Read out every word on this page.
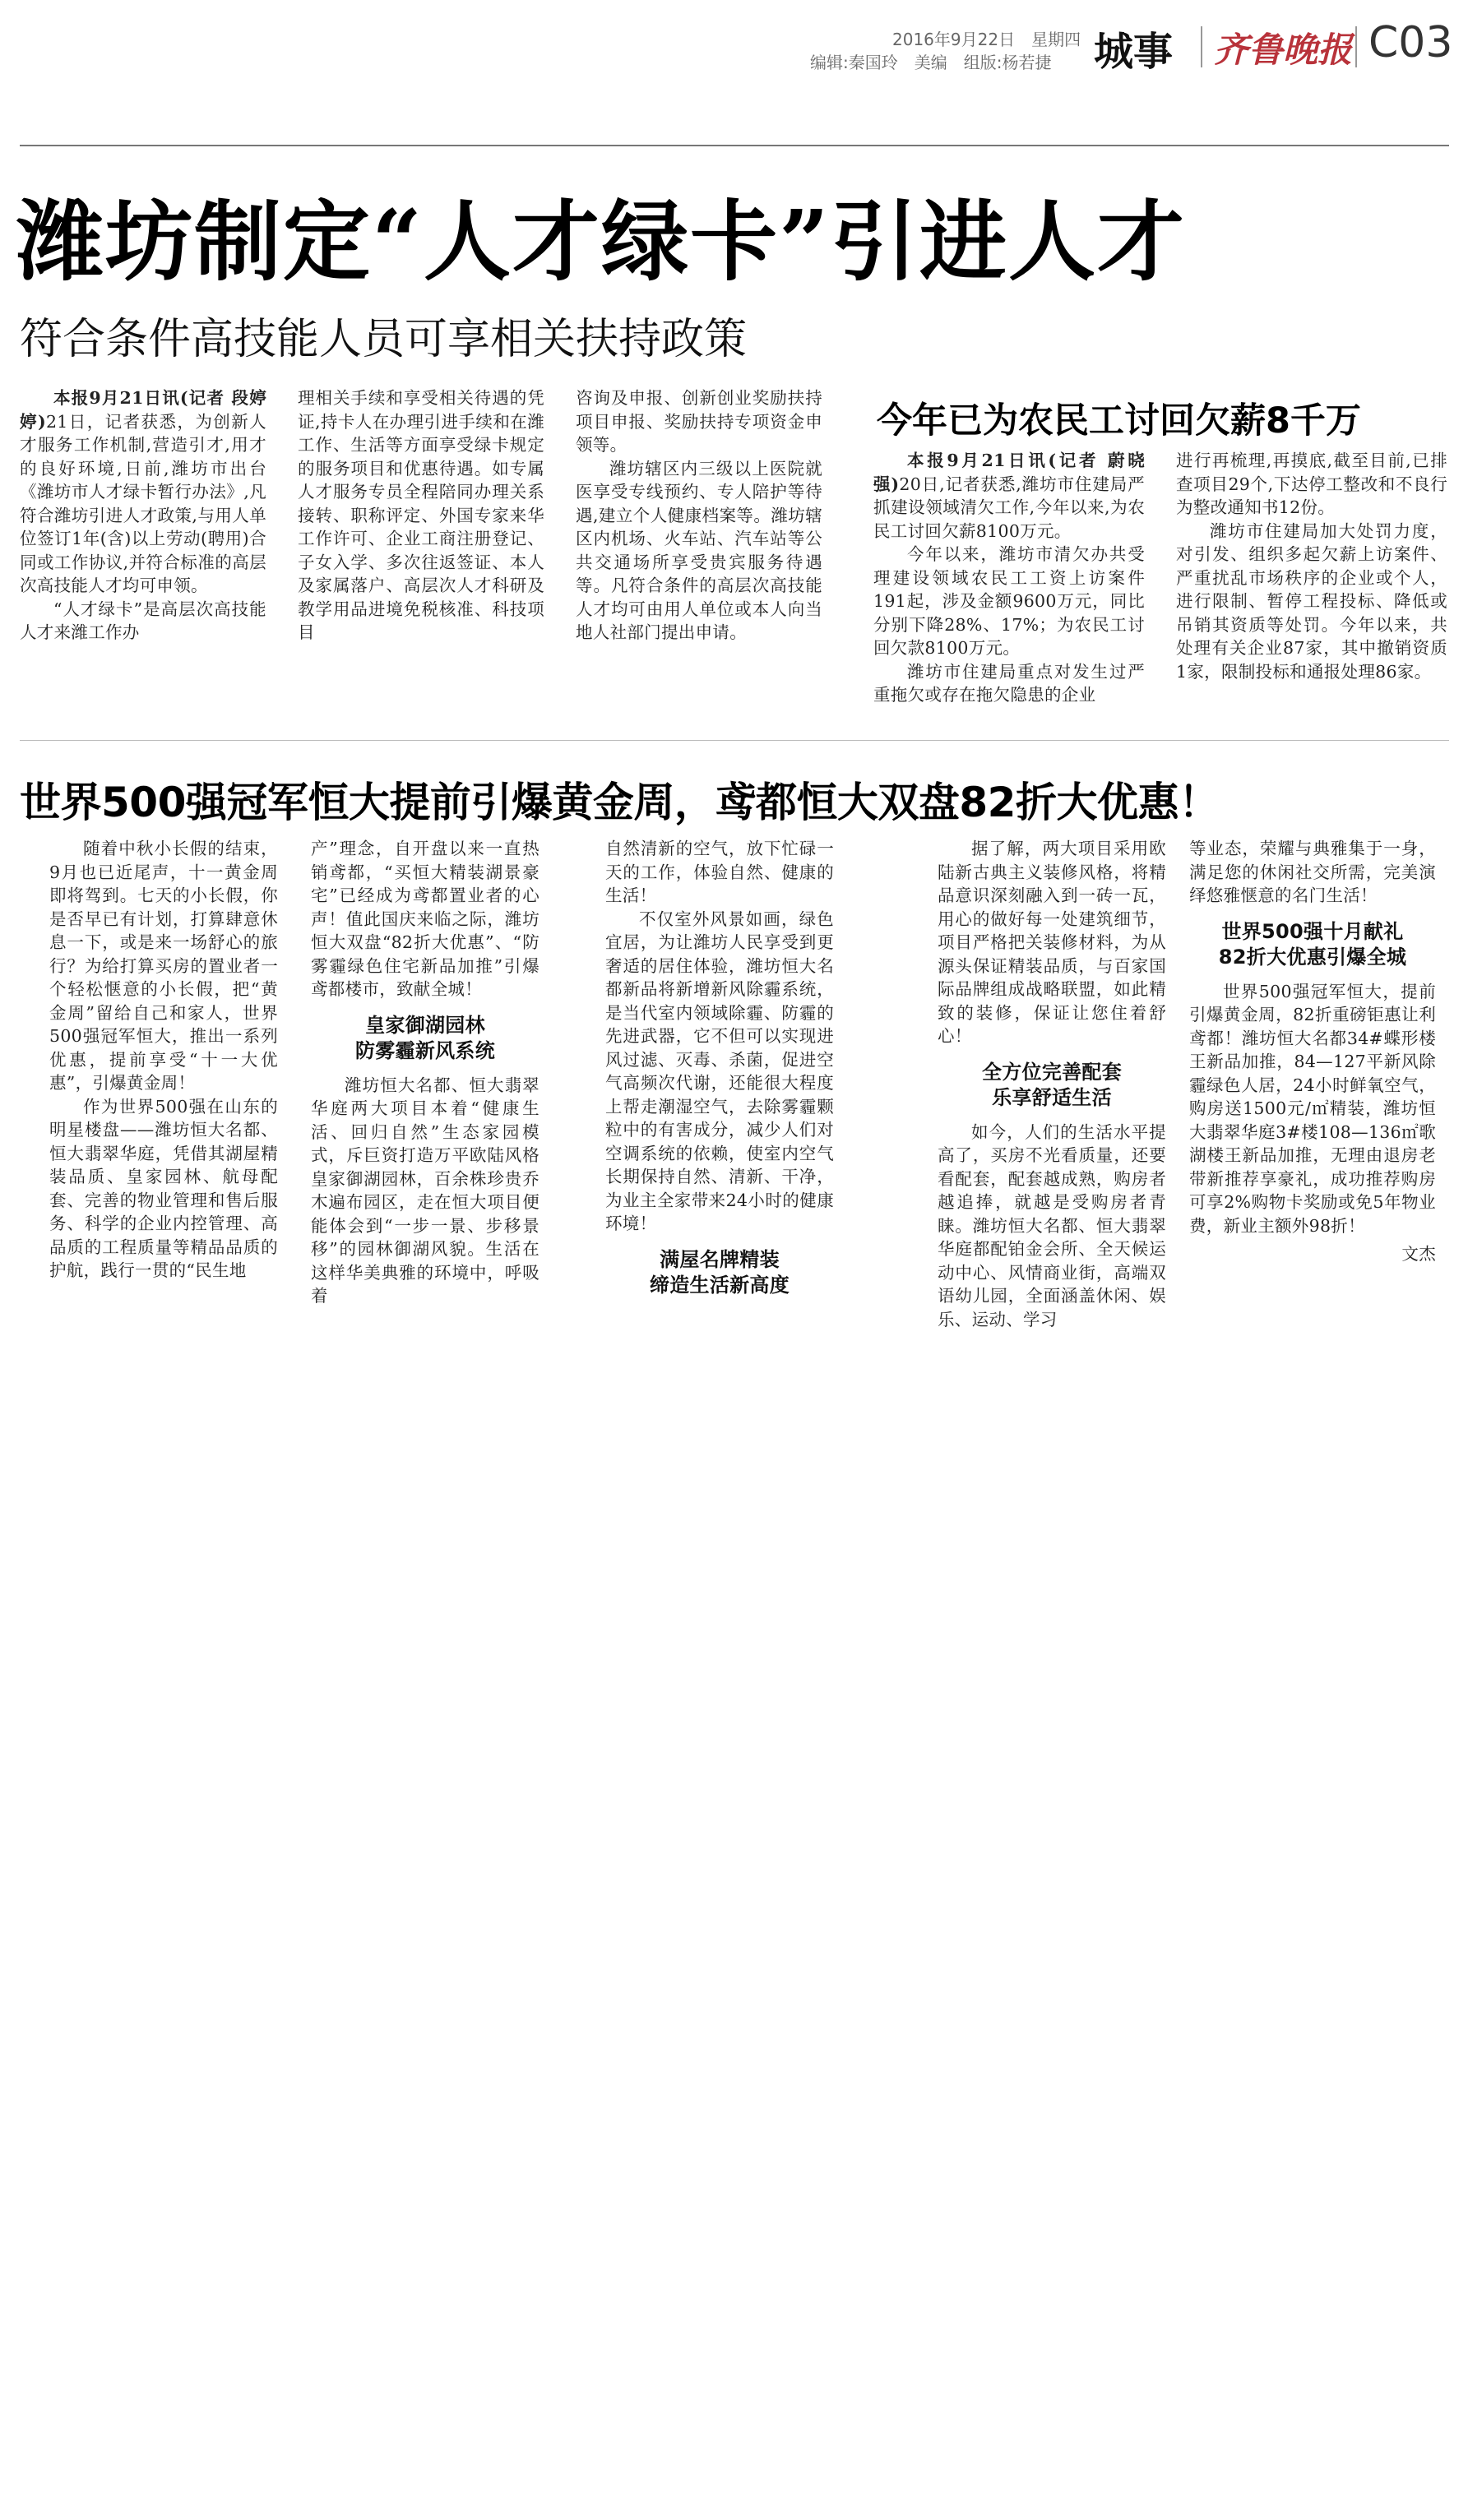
2016年9月22日　星期四
编辑:秦国玲　美编　组版:杨若捷 城事 齐鲁晚报 C03
潍坊制定“人才绿卡”引进人才
符合条件高技能人员可享相关扶持政策

本报9月21日讯(记者 段婷婷)21日，记者获悉，为创新人才服务工作机制,营造引才,用才的良好环境,日前,潍坊市出台《潍坊市人才绿卡暂行办法》,凡符合潍坊引进人才政策,与用人单位签订1年(含)以上劳动(聘用)合同或工作协议,并符合标准的高层次高技能人才均可申领。

“人才绿卡”是高层次高技能人才来潍工作办

理相关手续和享受相关待遇的凭证,持卡人在办理引进手续和在潍工作、生活等方面享受绿卡规定的服务项目和优惠待遇。如专属人才服务专员全程陪同办理关系接转、职称评定、外国专家来华工作许可、企业工商注册登记、子女入学、多次往返签证、本人及家属落户、高层次人才科研及教学用品进境免税核准、科技项目

咨询及申报、创新创业奖励扶持项目申报、奖励扶持专项资金申领等。

潍坊辖区内三级以上医院就医享受专线预约、专人陪护等待遇,建立个人健康档案等。潍坊辖区内机场、火车站、汽车站等公共交通场所享受贵宾服务待遇等。凡符合条件的高层次高技能人才均可由用人单位或本人向当地人社部门提出申请。

今年已为农民工讨回欠薪8千万

本报9月21日讯(记者 蔚晓强)20日,记者获悉,潍坊市住建局严抓建设领域清欠工作,今年以来,为农民工讨回欠薪8100万元。

今年以来，潍坊市清欠办共受理建设领域农民工工资上访案件191起，涉及金额9600万元，同比分别下降28%、17%；为农民工讨回欠款8100万元。

潍坊市住建局重点对发生过严重拖欠或存在拖欠隐患的企业

进行再梳理,再摸底,截至目前,已排查项目29个,下达停工整改和不良行为整改通知书12份。

潍坊市住建局加大处罚力度，对引发、组织多起欠薪上访案件、严重扰乱市场秩序的企业或个人，进行限制、暂停工程投标、降低或吊销其资质等处罚。今年以来，共处理有关企业87家，其中撤销资质1家，限制投标和通报处理86家。

世界500强冠军恒大提前引爆黄金周，鸢都恒大双盘82折大优惠！

随着中秋小长假的结束，9月也已近尾声，十一黄金周即将驾到。七天的小长假，你是否早已有计划，打算肆意休息一下，或是来一场舒心的旅行？为给打算买房的置业者一个轻松惬意的小长假，把“黄金周”留给自己和家人，世界500强冠军恒大，推出一系列优惠，提前享受“十一大优惠”，引爆黄金周！

作为世界500强在山东的明星楼盘——潍坊恒大名都、恒大翡翠华庭，凭借其湖屋精装品质、皇家园林、航母配套、完善的物业管理和售后服务、科学的企业内控管理、高品质的工程质量等精品品质的护航，践行一贯的“民生地

产”理念，自开盘以来一直热销鸢都，“买恒大精装湖景豪宅”已经成为鸢都置业者的心声！值此国庆来临之际，潍坊恒大双盘“82折大优惠”、“防雾霾绿色住宅新品加推”引爆鸢都楼市，致献全城！

皇家御湖园林
防雾霾新风系统

潍坊恒大名都、恒大翡翠华庭两大项目本着“健康生活、回归自然”生态家园模式，斥巨资打造万平欧陆风格皇家御湖园林，百余株珍贵乔木遍布园区，走在恒大项目便能体会到“一步一景、步移景移”的园林御湖风貌。生活在这样华美典雅的环境中，呼吸着

自然清新的空气，放下忙碌一天的工作，体验自然、健康的生活！

不仅室外风景如画，绿色宜居，为让潍坊人民享受到更奢适的居住体验，潍坊恒大名都新品将新增新风除霾系统，是当代室内领域除霾、防霾的先进武器，它不但可以实现进风过滤、灭毒、杀菌，促进空气高频次代谢，还能很大程度上帮走潮湿空气，去除雾霾颗粒中的有害成分，减少人们对空调系统的依赖，使室内空气长期保持自然、清新、干净，为业主全家带来24小时的健康环境！

满屋名牌精装
缔造生活新高度

据了解，两大项目采用欧陆新古典主义装修风格，将精品意识深刻融入到一砖一瓦，用心的做好每一处建筑细节，项目严格把关装修材料，为从源头保证精装品质，与百家国际品牌组成战略联盟，如此精致的装修，保证让您住着舒心！

全方位完善配套
乐享舒适生活

如今，人们的生活水平提高了，买房不光看质量，还要看配套，配套越成熟，购房者越追捧，就越是受购房者青睐。潍坊恒大名都、恒大翡翠华庭都配铂金会所、全天候运动中心、风情商业街，高端双语幼儿园，全面涵盖休闲、娱乐、运动、学习

等业态，荣耀与典雅集于一身，满足您的休闲社交所需，完美演绎悠雅惬意的名门生活！

世界500强十月献礼
82折大优惠引爆全城

世界500强冠军恒大，提前引爆黄金周，82折重磅钜惠让利鸢都！潍坊恒大名都34#蝶形楼王新品加推，84—127平新风除霾绿色人居，24小时鲜氧空气，购房送1500元/㎡精装，潍坊恒大翡翠华庭3#楼108—136㎡歌湖楼王新品加推，无理由退房老带新推荐享豪礼，成功推荐购房可享2%购物卡奖励或免5年物业费，新业主额外98折！

文杰
